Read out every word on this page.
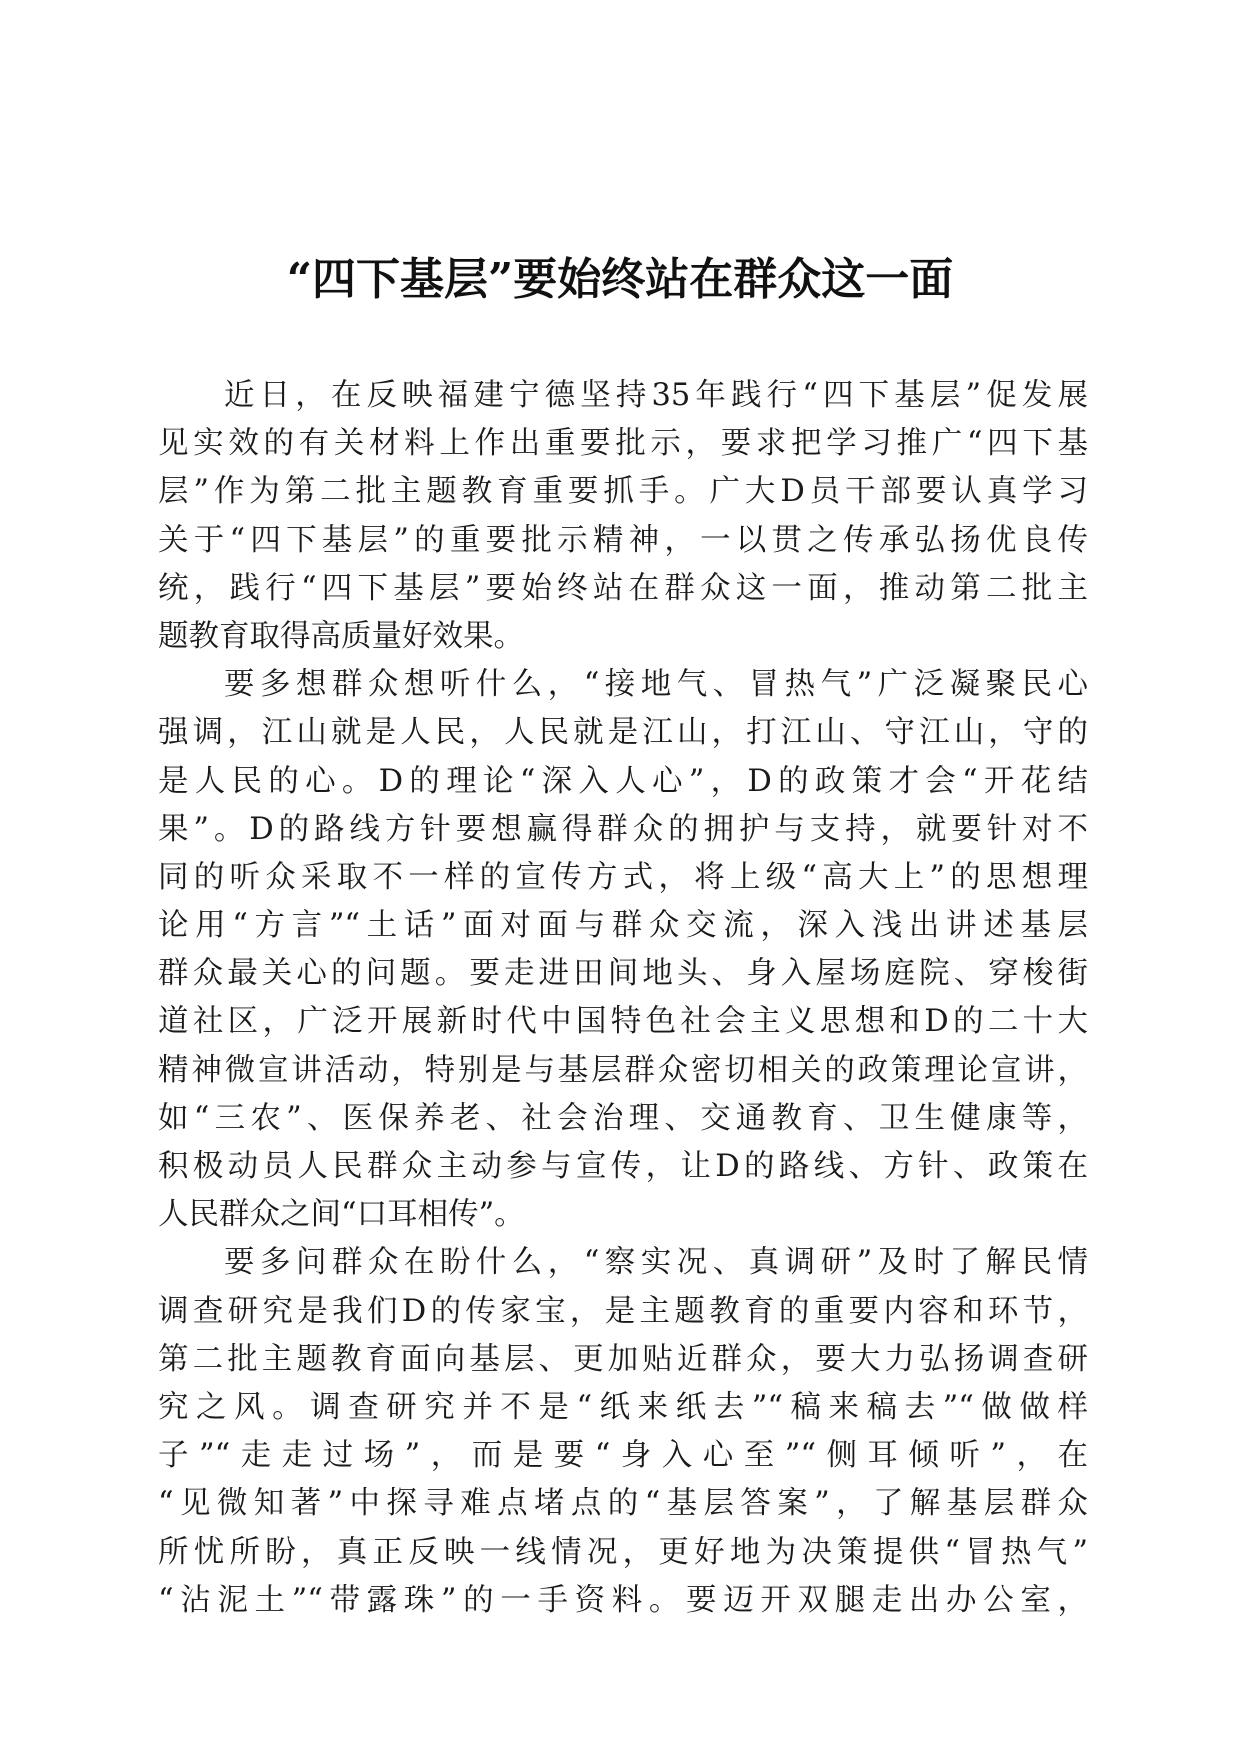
“四下基层”要始终站在群众这一面
近日，在反映福建宁德坚持35年践行“四下基层”促发展
见实效的有关材料上作出重要批示，要求把学习推广“四下基
层”作为第二批主题教育重要抓手。广大D员干部要认真学习
关于“四下基层”的重要批示精神，一以贯之传承弘扬优良传
统，践行“四下基层”要始终站在群众这一面，推动第二批主
题教育取得高质量好效果。
要多想群众想听什么，“接地气、冒热气”广泛凝聚民心
强调，江山就是人民，人民就是江山，打江山、守江山，守的
是人民的心。D的理论“深入人心”，D的政策才会“开花结
果”。D的路线方针要想赢得群众的拥护与支持，就要针对不
同的听众采取不一样的宣传方式，将上级“高大上”的思想理
论用“方言”“土话”面对面与群众交流，深入浅出讲述基层
群众最关心的问题。要走进田间地头、身入屋场庭院、穿梭街
道社区，广泛开展新时代中国特色社会主义思想和D的二十大
精神微宣讲活动，特别是与基层群众密切相关的政策理论宣讲，
如“三农”、医保养老、社会治理、交通教育、卫生健康等，
积极动员人民群众主动参与宣传，让D的路线、方针、政策在
人民群众之间“口耳相传”。
要多问群众在盼什么，“察实况、真调研”及时了解民情
调查研究是我们D的传家宝，是主题教育的重要内容和环节，
第二批主题教育面向基层、更加贴近群众，要大力弘扬调查研
究之风。调查研究并不是“纸来纸去”“稿来稿去”“做做样
子”“走走过场”，而是要“身入心至”“侧耳倾听”，在
“见微知著”中探寻难点堵点的“基层答案”，了解基层群众
所忧所盼，真正反映一线情况，更好地为决策提供“冒热气”
“沾泥土”“带露珠”的一手资料。要迈开双腿走出办公室，
